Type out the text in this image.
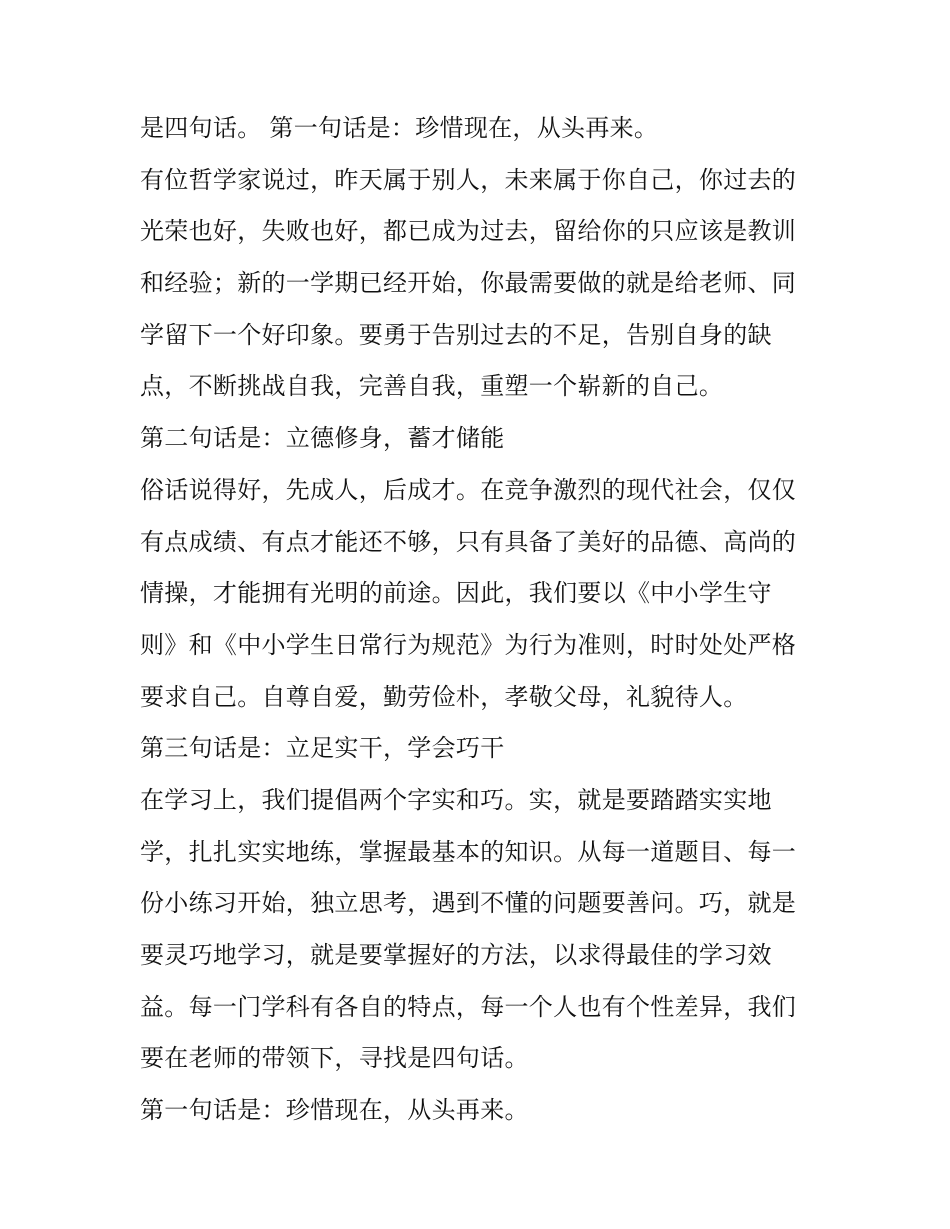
是四句话。 第一句话是：珍惜现在，从头再来。
有位哲学家说过，昨天属于别人，未来属于你自己，你过去的
光荣也好，失败也好，都已成为过去，留给你的只应该是教训
和经验；新的一学期已经开始，你最需要做的就是给老师、同
学留下一个好印象。要勇于告别过去的不足，告别自身的缺
点，不断挑战自我，完善自我，重塑一个崭新的自己。
第二句话是：立德修身，蓄才储能
俗话说得好，先成人，后成才。在竞争激烈的现代社会，仅仅
有点成绩、有点才能还不够，只有具备了美好的品德、高尚的
情操，才能拥有光明的前途。因此，我们要以《中小学生守
则》和《中小学生日常行为规范》为行为准则，时时处处严格
要求自己。自尊自爱，勤劳俭朴，孝敬父母，礼貌待人。
第三句话是：立足实干，学会巧干
在学习上，我们提倡两个字实和巧。实，就是要踏踏实实地
学，扎扎实实地练，掌握最基本的知识。从每一道题目、每一
份小练习开始，独立思考，遇到不懂的问题要善问。巧，就是
要灵巧地学习，就是要掌握好的方法，以求得最佳的学习效
益。每一门学科有各自的特点，每一个人也有个性差异，我们
要在老师的带领下，寻找是四句话。
第一句话是：珍惜现在，从头再来。
